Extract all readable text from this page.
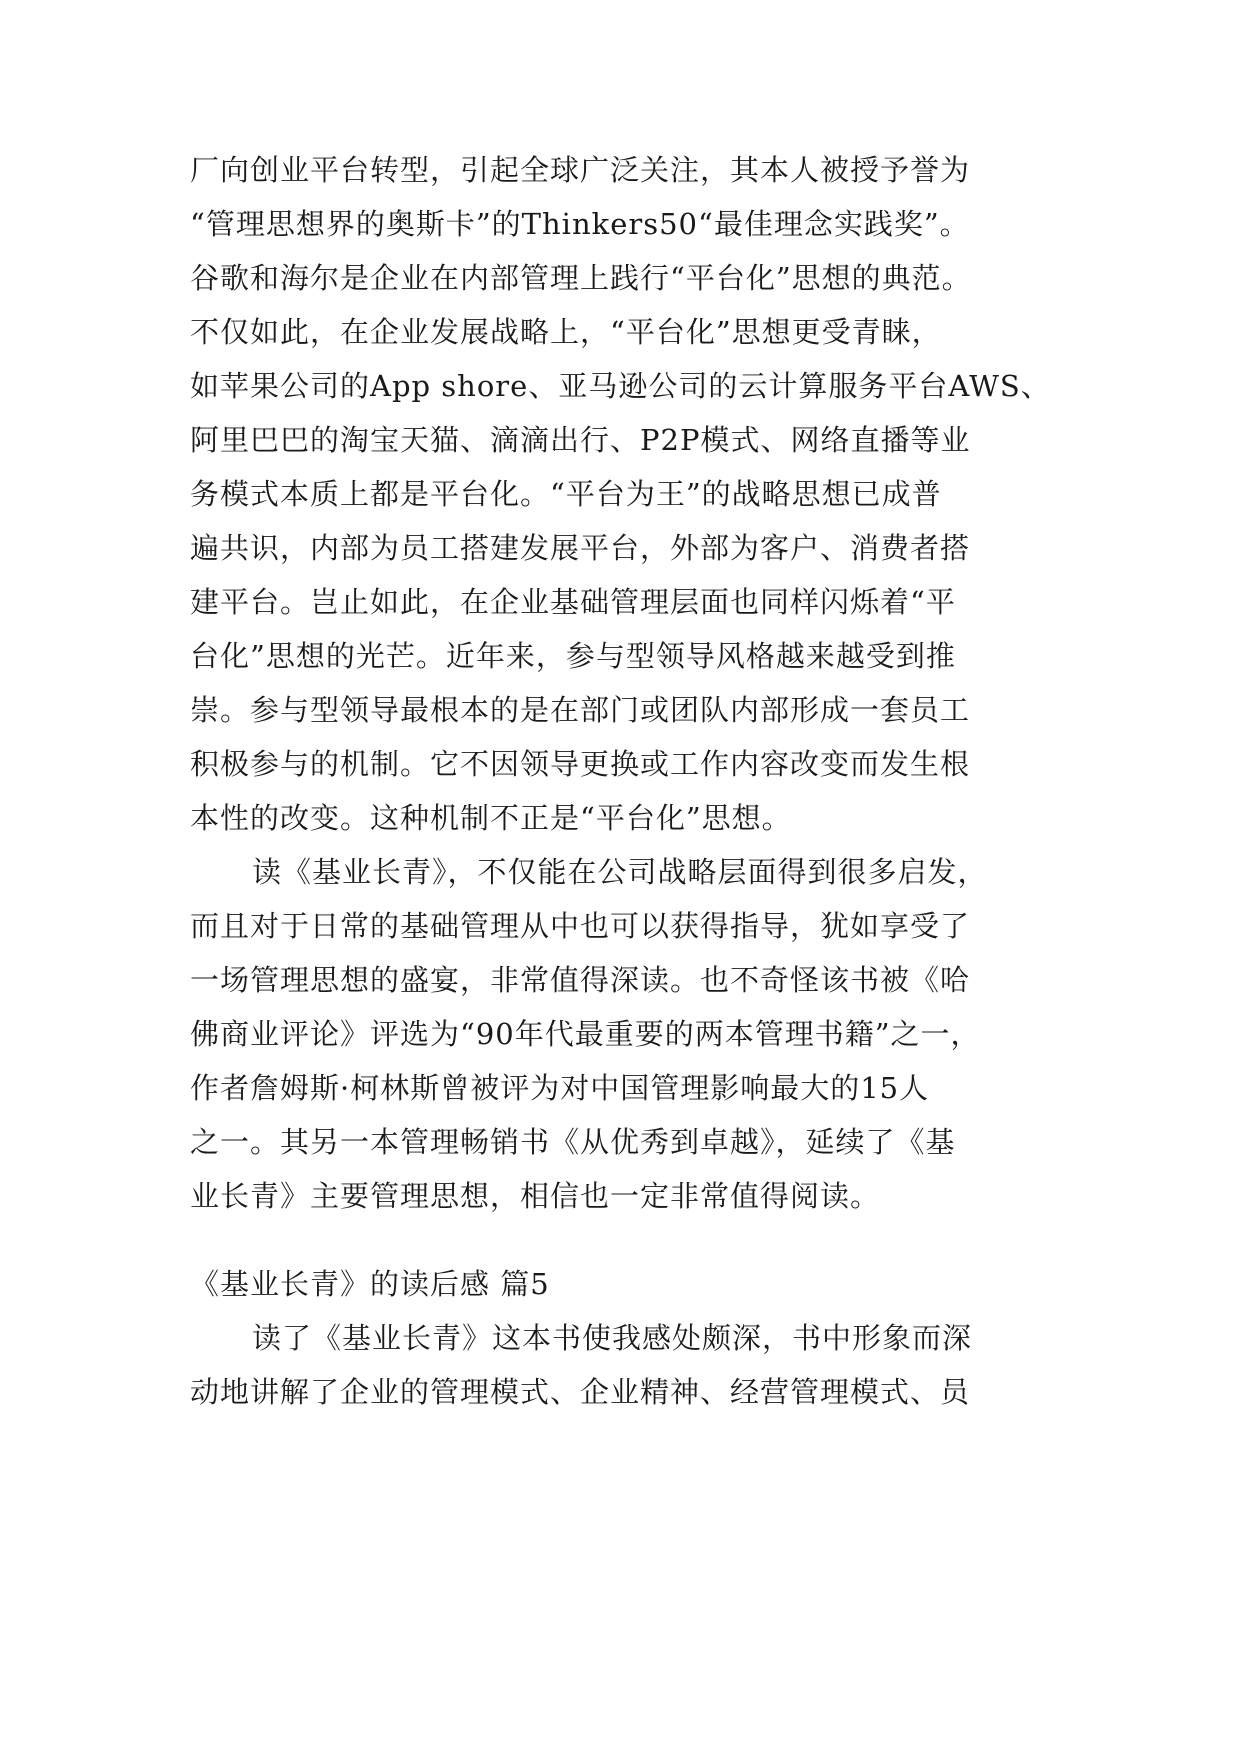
厂向创业平台转型，引起全球广泛关注，其本人被授予誉为
“管理思想界的奥斯卡”的Thinkers50“最佳理念实践奖”。
谷歌和海尔是企业在内部管理上践行“平台化”思想的典范。
不仅如此，在企业发展战略上，“平台化”思想更受青睐，
如苹果公司的App shore、亚马逊公司的云计算服务平台AWS、
阿里巴巴的淘宝天猫、滴滴出行、P2P模式、网络直播等业
务模式本质上都是平台化。“平台为王”的战略思想已成普
遍共识，内部为员工搭建发展平台，外部为客户、消费者搭
建平台。岂止如此，在企业基础管理层面也同样闪烁着“平
台化”思想的光芒。近年来，参与型领导风格越来越受到推
崇。参与型领导最根本的是在部门或团队内部形成一套员工
积极参与的机制。它不因领导更换或工作内容改变而发生根
本性的改变。这种机制不正是“平台化”思想。
读《基业长青》，不仅能在公司战略层面得到很多启发，
而且对于日常的基础管理从中也可以获得指导，犹如享受了
一场管理思想的盛宴，非常值得深读。也不奇怪该书被《哈
佛商业评论》评选为“90年代最重要的两本管理书籍”之一，
作者詹姆斯·柯林斯曾被评为对中国管理影响最大的15人
之一。其另一本管理畅销书《从优秀到卓越》，延续了《基
业长青》主要管理思想，相信也一定非常值得阅读。
《基业长青》的读后感 篇5
读了《基业长青》这本书使我感处颇深，书中形象而深
动地讲解了企业的管理模式、企业精神、经营管理模式、员
